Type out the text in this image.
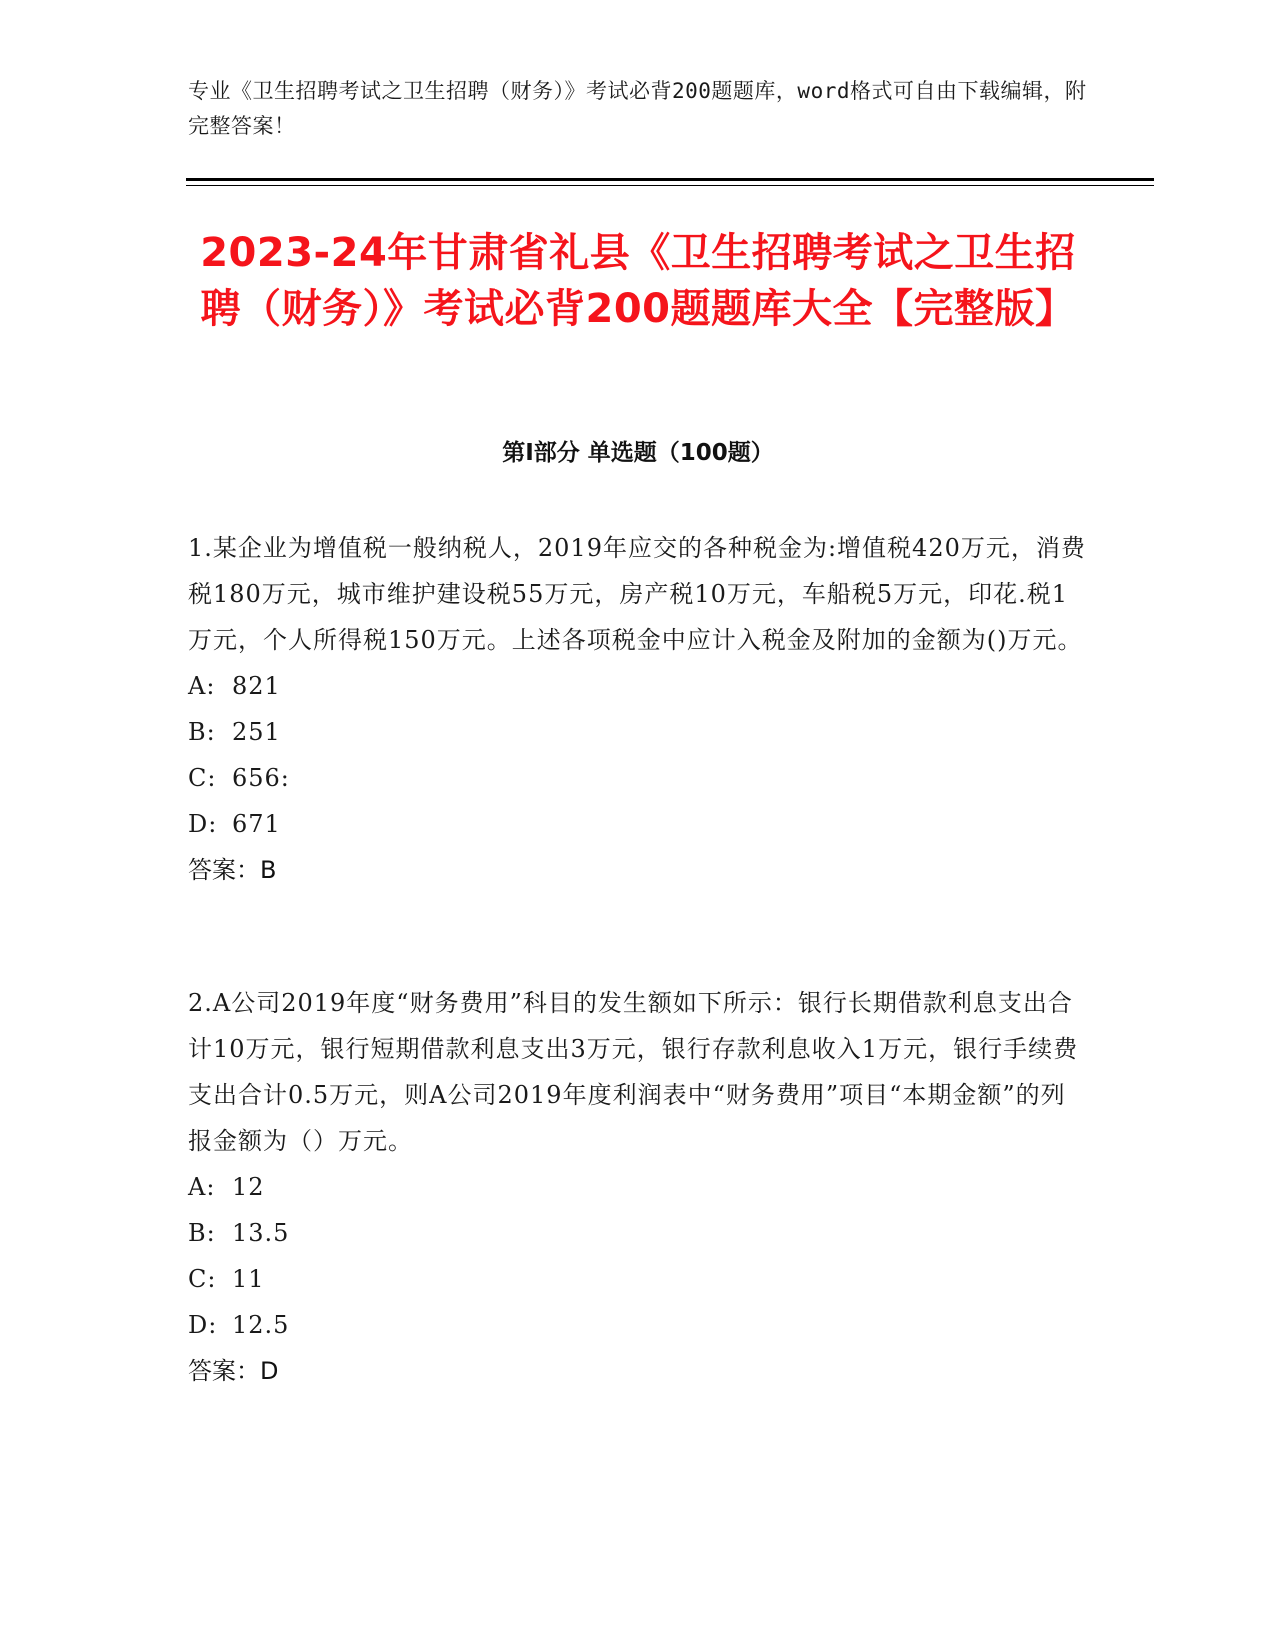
专业《卫生招聘考试之卫生招聘（财务）》考试必背200题题库，word格式可自由下载编辑，附完整答案！
2023-24年甘肃省礼县《卫生招聘考试之卫生招聘（财务）》考试必背200题题库大全【完整版】
第I部分 单选题（100题）

1.某企业为增值税一般纳税人，2019年应交的各种税金为:增值税420万元，消费税180万元，城市维护建设税55万元，房产税10万元，车船税5万元，印花.税1万元，个人所得税150万元。上述各项税金中应计入税金及附加的金额为()万元。

A: 821

B: 251

C: 656:

D: 671

答案：B

2.A公司2019年度“财务费用”科目的发生额如下所示：银行长期借款利息支出合计10万元，银行短期借款利息支出3万元，银行存款利息收入1万元，银行手续费支出合计0.5万元，则A公司2019年度利润表中“财务费用”项目“本期金额”的列报金额为（）万元。

A: 12

B: 13.5

C: 11

D: 12.5

答案：D
